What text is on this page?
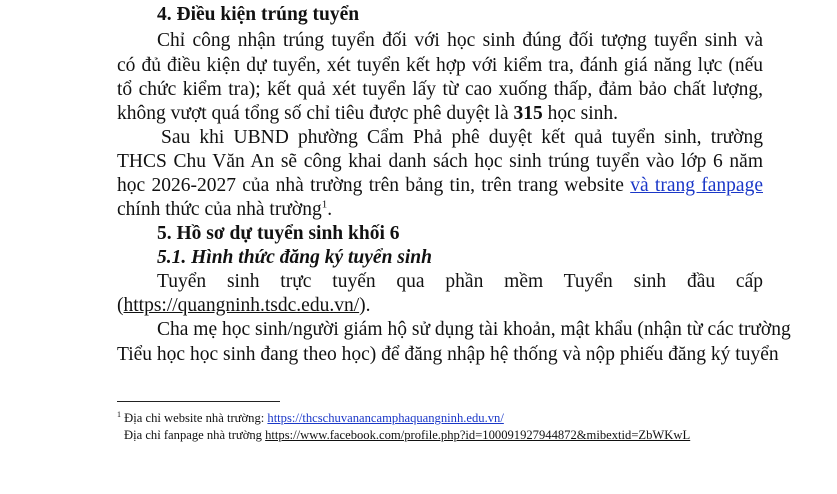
4. Điều kiện trúng tuyển
Chỉ công nhận trúng tuyển đối với học sinh đúng đối tượng tuyển sinh và
có đủ điều kiện dự tuyển, xét tuyển kết hợp với kiểm tra, đánh giá năng lực (nếu
tổ chức kiểm tra); kết quả xét tuyển lấy từ cao xuống thấp, đảm bảo chất lượng,
không vượt quá tổng số chỉ tiêu được phê duyệt là 315 học sinh.
Sau khi UBND phường Cẩm Phả phê duyệt kết quả tuyển sinh, trường
THCS Chu Văn An sẽ công khai danh sách học sinh trúng tuyển vào lớp 6 năm
học 2026-2027 của nhà trường trên bảng tin, trên trang website và trang fanpage
chính thức của nhà trường$^1$.
5. Hồ sơ dự tuyển sinh khối 6
5.1. Hình thức đăng ký tuyển sinh
Tuyển sinh trực tuyến qua phần mềm Tuyển sinh đầu cấp
(https://quangninh.tsdc.edu.vn/).
Cha mẹ học sinh/người giám hộ sử dụng tài khoản, mật khẩu (nhận từ các trường
Tiểu học học sinh đang theo học) để đăng nhập hệ thống và nộp phiếu đăng ký tuyển
$^1$ Địa chỉ website nhà trường: https://thcschuvanancamphaquangninh.edu.vn/
Địa chỉ fanpage nhà trường https://www.facebook.com/profile.php?id=100091927944872&mibextid=ZbWKwL
